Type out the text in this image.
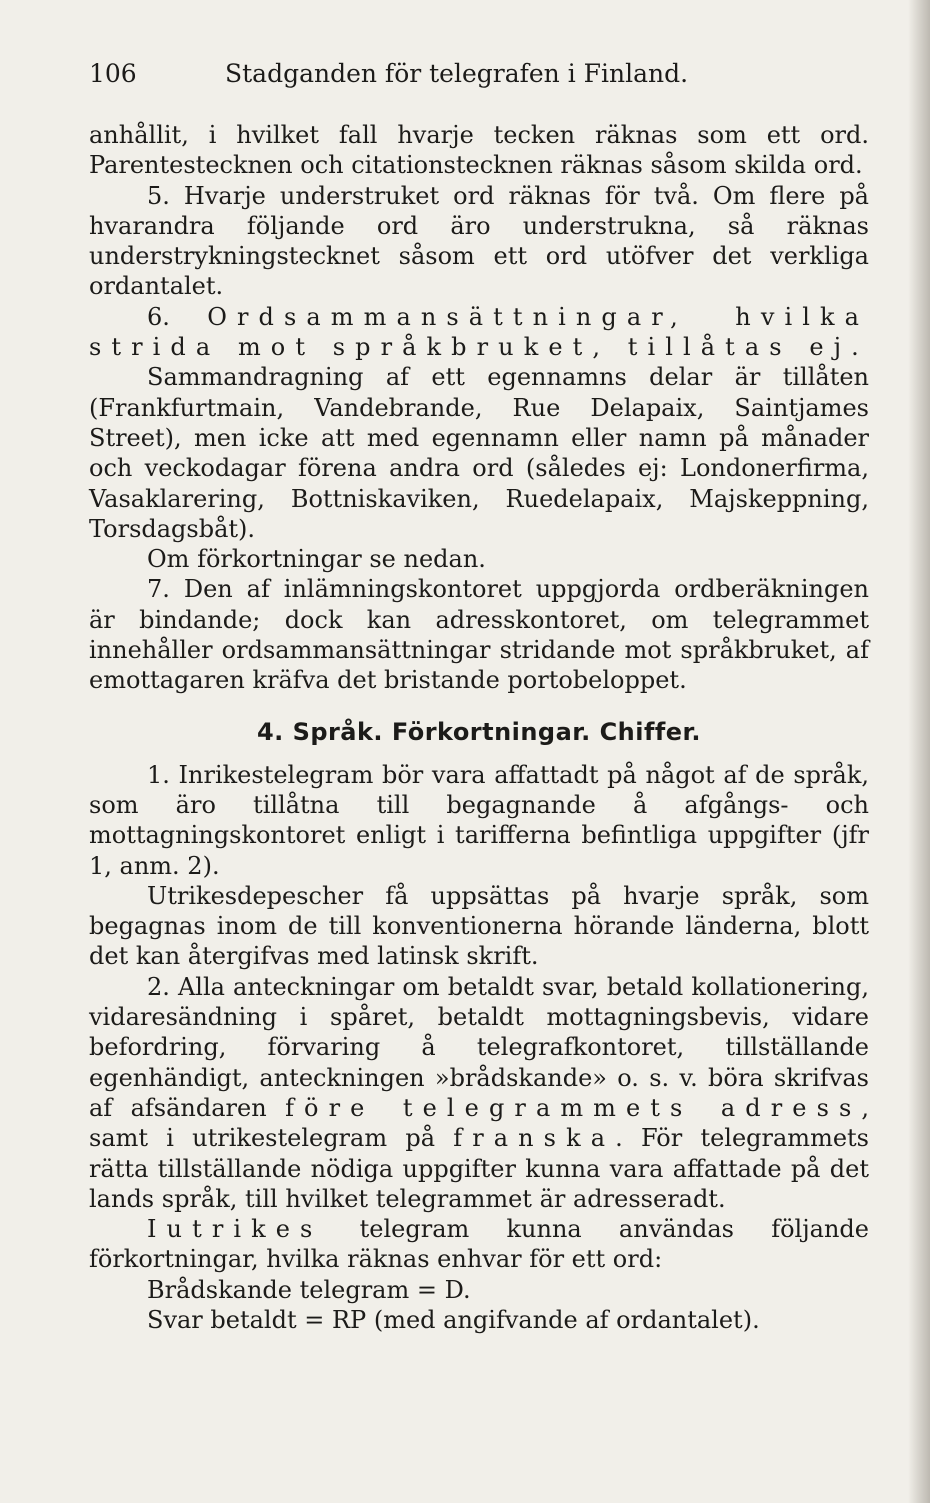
106	Stadganden för telegrafen i Finland.

anhållit, i hvilket fall hvarje tecken räknas som ett ord. Parentestecknen och citationstecknen räknas såsom skilda ord.

5. Hvarje understruket ord räknas för två. Om flere på hvarandra följande ord äro understrukna, så räknas understrykningstecknet såsom ett ord utöfver det verkliga ordantalet.

6. Ordsammansättningar, hvilka strida mot språkbruket, tillåtas ej.

Sammandragning af ett egennamns delar är tillåten (Frankfurtmain, Vandebrande, Rue Delapaix, Saintjames Street), men icke att med egennamn eller namn på månader och veckodagar förena andra ord (således ej: Londonerfirma, Vasaklarering, Bottniskaviken, Ruedelapaix, Majskeppning, Torsdagsbåt).

Om förkortningar se nedan.

7. Den af inlämningskontoret uppgjorda ordberäkningen är bindande; dock kan adresskontoret, om telegrammet innehåller ordsammansättningar stridande mot språkbruket, af emottagaren kräfva det bristande portobeloppet.

4. Språk. Förkortningar. Chiffer.

1. Inrikestelegram bör vara affattadt på något af de språk, som äro tillåtna till begagnande å afgångs- och mottagningskontoret enligt i tarifferna befintliga uppgifter (jfr 1, anm. 2).

Utrikesdepescher få uppsättas på hvarje språk, som begagnas inom de till konventionerna hörande länderna, blott det kan återgifvas med latinsk skrift.

2. Alla anteckningar om betaldt svar, betald kollationering, vidaresändning i spåret, betaldt mottagningsbevis, vidare befordring, förvaring å telegrafkontoret, tillställande egenhändigt, anteckningen »brådskande» o. s. v. böra skrifvas af afsändaren före telegrammets adress, samt i utrikestelegram på franska. För telegrammets rätta tillställande nödiga uppgifter kunna vara affattade på det lands språk, till hvilket telegrammet är adresseradt.

Iutrikes telegram kunna användas följande förkortningar, hvilka räknas enhvar för ett ord:

Brådskande telegram = D.

Svar betaldt = RP (med angifvande af ordantalet).
